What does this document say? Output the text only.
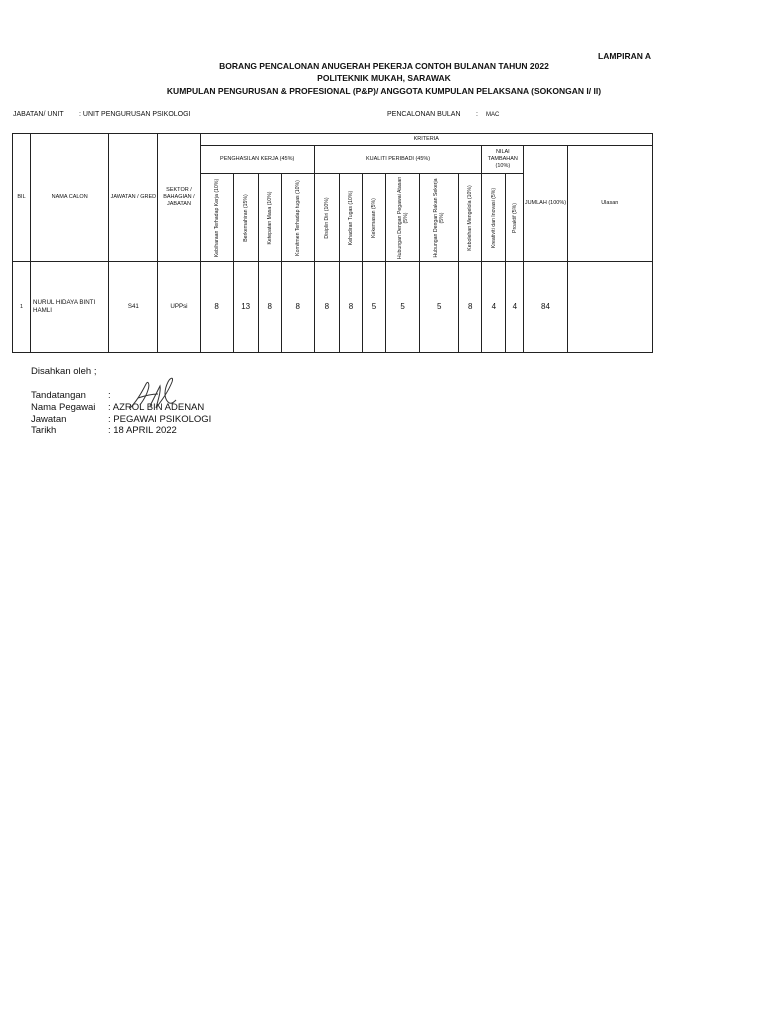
LAMPIRAN A
BORANG PENCALONAN ANUGERAH PEKERJA CONTOH BULANAN TAHUN 2022
POLITEKNIK MUKAH, SARAWAK
KUMPULAN PENGURUSAN & PROFESIONAL (P&P)/ ANGGOTA KUMPULAN PELAKSANA (SOKONGAN I/ II)
JABATAN/ UNIT : UNIT PENGURUSAN PSIKOLOGI	PENCALONAN BULAN : MAC
BIL	NAMA CALON	JAWATAN / GRED	SEKTOR / BAHAGIAN / JABATAN	KRITERIA													
				PENGHASILAN KERJA (45%)				KUALITI PERIBADI (45%)						NILAI TAMBAHAN (10%)		JUMLAH (100%)	Ulasan

				Kebiharaan Terhadap Kerja (10%)	Berkemahiran (15%)	Ketepatan Masa (10%)	Komitmen Terhadap tugas (10%)	Disiplin Diri (10%)	Kehadiran Tugas (10%)	Kekemasan (5%)	Hubungan Dengan Pegawai Atasan (5%)	Hubungan Dengan Rakan Sekerja (5%)	Kebolehan Mengelola (10%)	Kreativiti dan Inovasi (5%)	Proaktif (5%)		

1	NURUL HIDAYA BINTI HAMLI	S41	UPPsi	8	13	8	8	8	8	5	5	5	8	4	4	84	
Disahkan oleh ;
Tandatangan :
Nama Pegawai : AZROL BIN ADENAN
Jawatan	: PEGAWAI PSIKOLOGI
Tarikh	: 18 APRIL 2022
